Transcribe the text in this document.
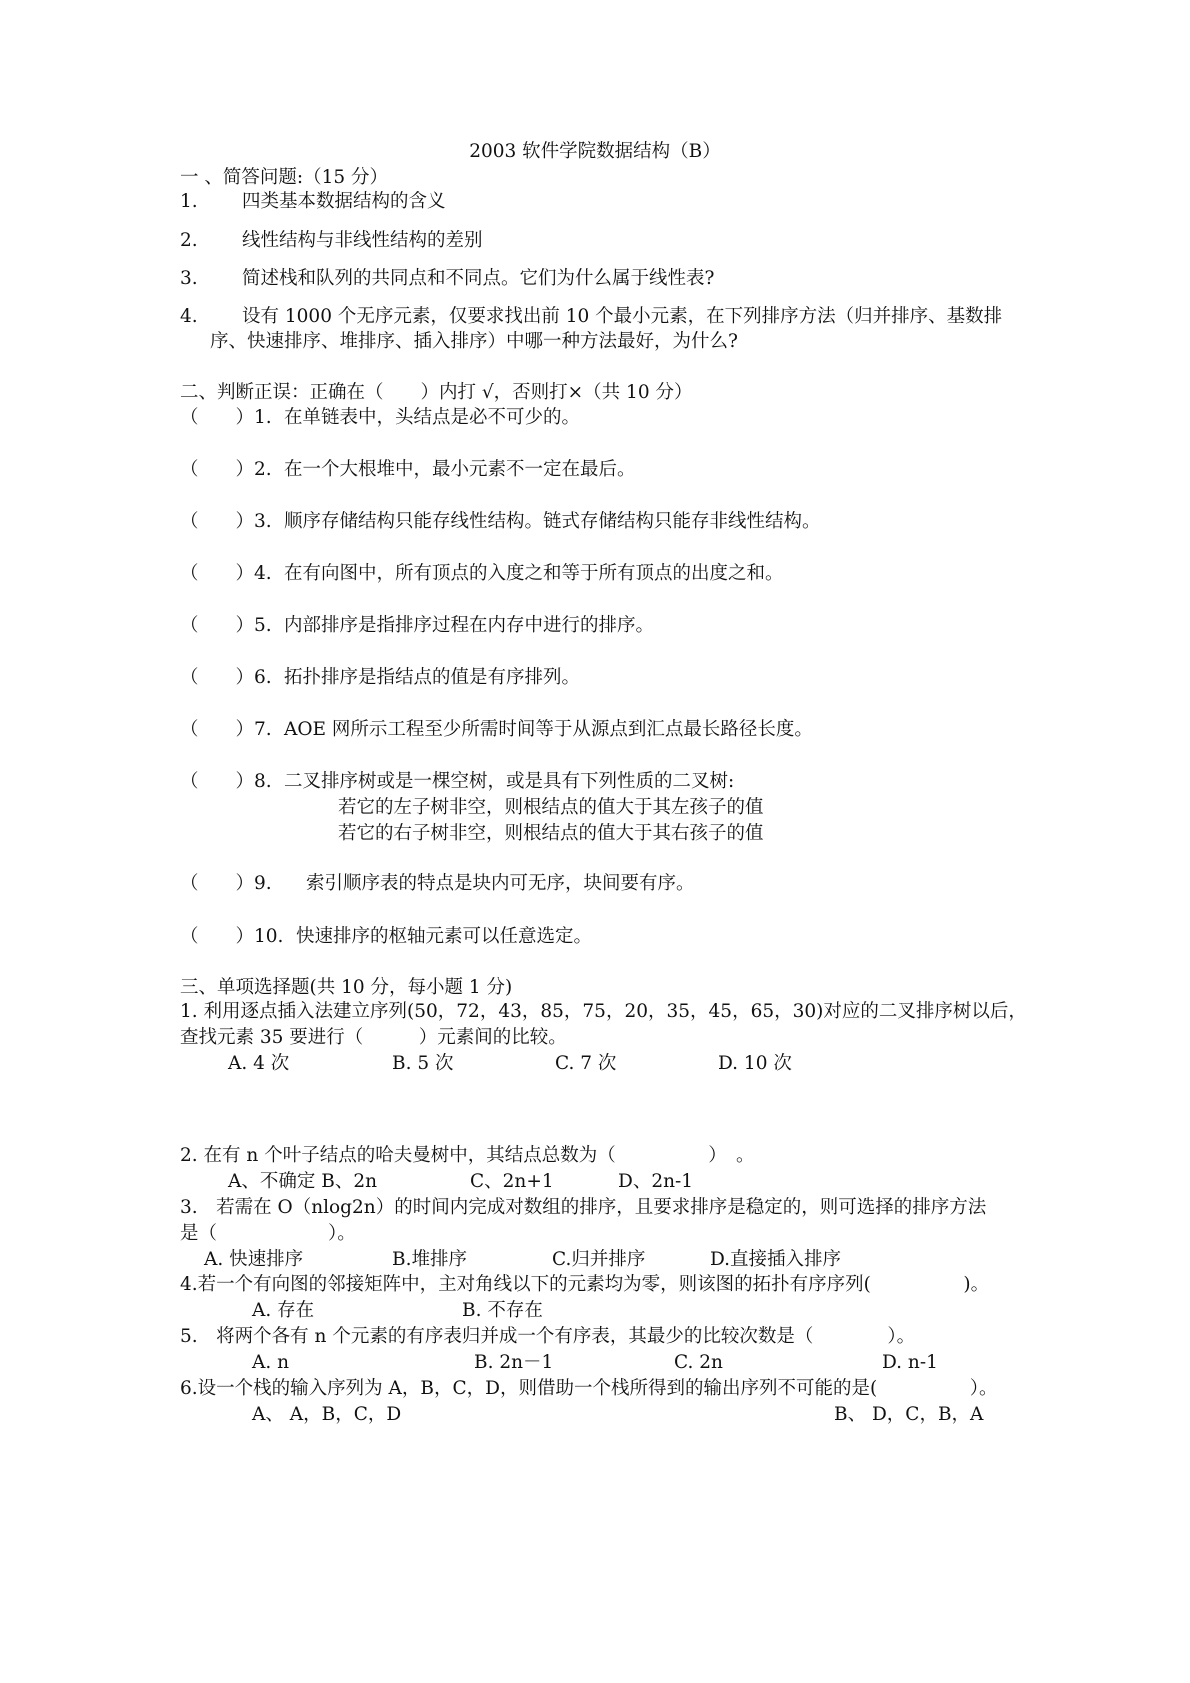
2003 软件学院数据结构（B）
一 、简答问题:（15 分）
1. 四类基本数据结构的含义
2. 线性结构与非线性结构的差别
3. 简述栈和队列的共同点和不同点。它们为什么属于线性表?
4. 设有 1000 个无序元素，仅要求找出前 10 个最小元素，在下列排序方法（归并排序、基数排
序、快速排序、堆排序、插入排序）中哪一种方法最好，为什么?
二、判断正误：正确在（　　）内打 √，否则打×（共 10 分）
（　　）1. 在单链表中，头结点是必不可少的。
（　　）2. 在一个大根堆中，最小元素不一定在最后。
（　　）3. 顺序存储结构只能存线性结构。链式存储结构只能存非线性结构。
（　　）4. 在有向图中，所有顶点的入度之和等于所有顶点的出度之和。
（　　）5. 内部排序是指排序过程在内存中进行的排序。
（　　）6. 拓扑排序是指结点的值是有序排列。
（　　）7. AOE 网所示工程至少所需时间等于从源点到汇点最长路径长度。
（　　）8. 二叉排序树或是一棵空树，或是具有下列性质的二叉树:
若它的左子树非空，则根结点的值大于其左孩子的值
若它的右子树非空，则根结点的值大于其右孩子的值
（　　）9. 索引顺序表的特点是块内可无序，块间要有序。
（　　）10. 快速排序的枢轴元素可以任意选定。
三、单项选择题(共 10 分，每小题 1 分)
1. 利用逐点插入法建立序列(50，72，43，85，75，20，35，45，65，30)对应的二叉排序树以后，
查找元素 35 要进行（　　　）元素间的比较。
A. 4 次	B. 5 次	C. 7 次	D. 10 次
2. 在有 n 个叶子结点的哈夫曼树中，其结点总数为（　　　　　）　。
A、不确定 B、2n	C、2n+1	D、2n-1
3.　若需在 O（nlog2n）的时间内完成对数组的排序，且要求排序是稳定的，则可选择的排序方法
是（　　　　　　）。
A. 快速排序	B.堆排序	C.归并排序	D.直接插入排序
4.若一个有向图的邻接矩阵中，主对角线以下的元素均为零，则该图的拓扑有序序列(　　　　　)。
A. 存在	B. 不存在
5.　将两个各有 n 个元素的有序表归并成一个有序表，其最少的比较次数是（　　　　）。
A. n	B. 2n－1	C. 2n	D. n-1
6.设一个栈的输入序列为 A，B，C，D，则借助一个栈所得到的输出序列不可能的是(　　　　　）。
A、 A，B，C，D	B、 D，C，B，A
